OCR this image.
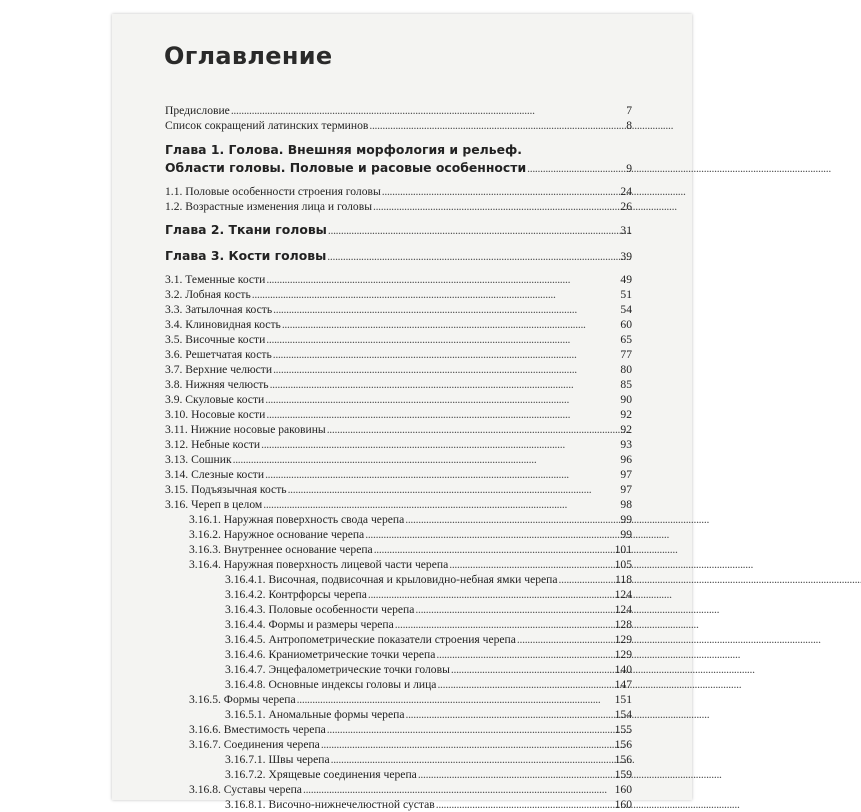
Оглавление
Предисловие . . .	7
Список сокращений латинских терминов . . .	8
Глава 1. Голова. Внешняя морфология и рельеф.
Области головы. Половые и расовые особенности . . .	9
1.1. Половые особенности строения головы . . .	24
1.2. Возрастные изменения лица и головы . . .	26
Глава 2. Ткани головы . . .	31
Глава 3. Кости головы . . .	39
3.1. Теменные кости . . .	49
3.2. Лобная кость . . .	51
3.3. Затылочная кость . . .	54
3.4. Клиновидная кость . . .	60
3.5. Височные кости . . .	65
3.6. Решетчатая кость . . .	77
3.7. Верхние челюсти . . .	80
3.8. Нижняя челюсть . . .	85
3.9. Скуловые кости . . .	90
3.10. Носовые кости . . .	92
3.11. Нижние носовые раковины . . .	92
3.12. Небные кости . . .	93
3.13. Сошник . . .	96
3.14. Слезные кости . . .	97
3.15. Подъязычная кость . . .	97
3.16. Череп в целом . . .	98
3.16.1. Наружная поверхность свода черепа . . .	99
3.16.2. Наружное основание черепа . . .	99
3.16.3. Внутреннее основание черепа . . .	101
3.16.4. Наружная поверхность лицевой части черепа . . .	105
3.16.4.1. Височная, подвисочная и крыловидно-небная ямки черепа . . .	118
3.16.4.2. Контрфорсы черепа . . .	124
3.16.4.3. Половые особенности черепа . . .	124
3.16.4.4. Формы и размеры черепа . . .	128
3.16.4.5. Антропометрические показатели строения черепа . . .	129
3.16.4.6. Краниометрические точки черепа . . .	129
3.16.4.7. Энцефалометрические точки головы . . .	140
3.16.4.8. Основные индексы головы и лица . . .	147
3.16.5. Формы черепа . . .	151
3.16.5.1. Аномальные формы черепа . . .	154
3.16.6. Вместимость черепа . . .	155
3.16.7. Соединения черепа . . .	156
3.16.7.1. Швы черепа . . .	156
3.16.7.2. Хрящевые соединения черепа . . .	159
3.16.8. Суставы черепа . . .	160
3.16.8.1. Височно-нижнечелюстной сустав . . .	160
